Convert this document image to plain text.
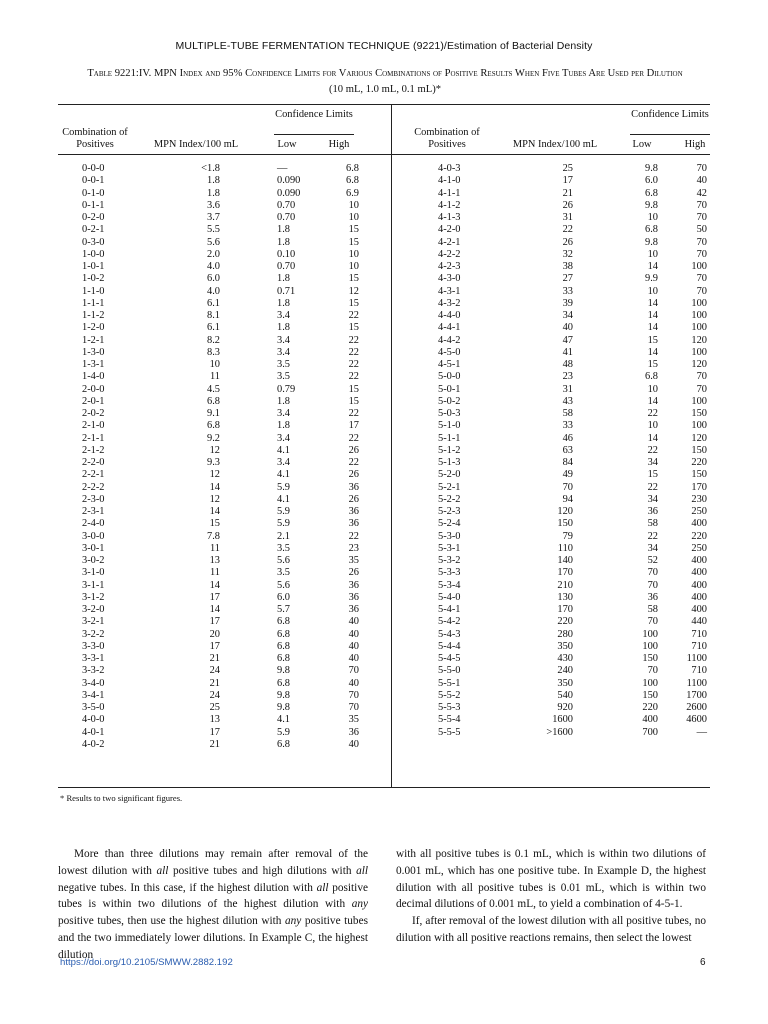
MULTIPLE-TUBE FERMENTATION TECHNIQUE (9221)/Estimation of Bacterial Density
Table 9221:IV. MPN Index and 95% Confidence Limits for Various Combinations of Positive Results When Five Tubes Are Used per Dilution
(10 mL, 1.0 mL, 0.1 mL)*
Combination of Positives	MPN Index/100 mL
Confidence Limits
Low	High
Combination of Positives	MPN Index/100 mL
Confidence Limits
Low	High
0-0-0	<1.8	—	6.8	4-0-3	25	9.8	70
0-0-1	1.8	0.090	6.8	4-1-0	17	6.0	40
0-1-0	1.8	0.090	6.9	4-1-1	21	6.8	42
0-1-1	3.6	0.70	10	4-1-2	26	9.8	70
0-2-0	3.7	0.70	10	4-1-3	31	10	70
0-2-1	5.5	1.8	15	4-2-0	22	6.8	50
0-3-0	5.6	1.8	15	4-2-1	26	9.8	70
1-0-0	2.0	0.10	10	4-2-2	32	10	70
1-0-1	4.0	0.70	10	4-2-3	38	14	100
1-0-2	6.0	1.8	15	4-3-0	27	9.9	70
1-1-0	4.0	0.71	12	4-3-1	33	10	70
1-1-1	6.1	1.8	15	4-3-2	39	14	100
1-1-2	8.1	3.4	22	4-4-0	34	14	100
1-2-0	6.1	1.8	15	4-4-1	40	14	100
1-2-1	8.2	3.4	22	4-4-2	47	15	120
1-3-0	8.3	3.4	22	4-5-0	41	14	100
1-3-1	10	3.5	22	4-5-1	48	15	120
1-4-0	11	3.5	22	5-0-0	23	6.8	70
2-0-0	4.5	0.79	15	5-0-1	31	10	70
2-0-1	6.8	1.8	15	5-0-2	43	14	100
2-0-2	9.1	3.4	22	5-0-3	58	22	150
2-1-0	6.8	1.8	17	5-1-0	33	10	100
2-1-1	9.2	3.4	22	5-1-1	46	14	120
2-1-2	12	4.1	26	5-1-2	63	22	150
2-2-0	9.3	3.4	22	5-1-3	84	34	220
2-2-1	12	4.1	26	5-2-0	49	15	150
2-2-2	14	5.9	36	5-2-1	70	22	170
2-3-0	12	4.1	26	5-2-2	94	34	230
2-3-1	14	5.9	36	5-2-3	120	36	250
2-4-0	15	5.9	36	5-2-4	150	58	400
3-0-0	7.8	2.1	22	5-3-0	79	22	220
3-0-1	11	3.5	23	5-3-1	110	34	250
3-0-2	13	5.6	35	5-3-2	140	52	400
3-1-0	11	3.5	26	5-3-3	170	70	400
3-1-1	14	5.6	36	5-3-4	210	70	400
3-1-2	17	6.0	36	5-4-0	130	36	400
3-2-0	14	5.7	36	5-4-1	170	58	400
3-2-1	17	6.8	40	5-4-2	220	70	440
3-2-2	20	6.8	40	5-4-3	280	100	710
3-3-0	17	6.8	40	5-4-4	350	100	710
3-3-1	21	6.8	40	5-4-5	430	150	1100
3-3-2	24	9.8	70	5-5-0	240	70	710
3-4-0	21	6.8	40	5-5-1	350	100	1100
3-4-1	24	9.8	70	5-5-2	540	150	1700
3-5-0	25	9.8	70	5-5-3	920	220	2600
4-0-0	13	4.1	35	5-5-4	1600	400	4600
4-0-1	17	5.9	36	5-5-5	>1600	700	—
4-0-2	21	6.8	40
* Results to two significant figures.

More than three dilutions may remain after removal of the lowest dilution with all positive tubes and high dilutions with all negative tubes. In this case, if the highest dilution with all positive tubes is within two dilutions of the highest dilution with any positive tubes, then use the highest dilution with any positive tubes and the two immediately lower dilutions. In Example C, the highest dilution

with all positive tubes is 0.1 mL, which is within two dilutions of 0.001 mL, which has one positive tube. In Example D, the highest dilution with all positive tubes is 0.01 mL, which is within two decimal dilutions of 0.001 mL, to yield a combination of 4-5-1.

If, after removal of the lowest dilution with all positive tubes, no dilution with all positive reactions remains, then select the lowest

https://doi.org/10.2105/SMWW.2882.192	6
